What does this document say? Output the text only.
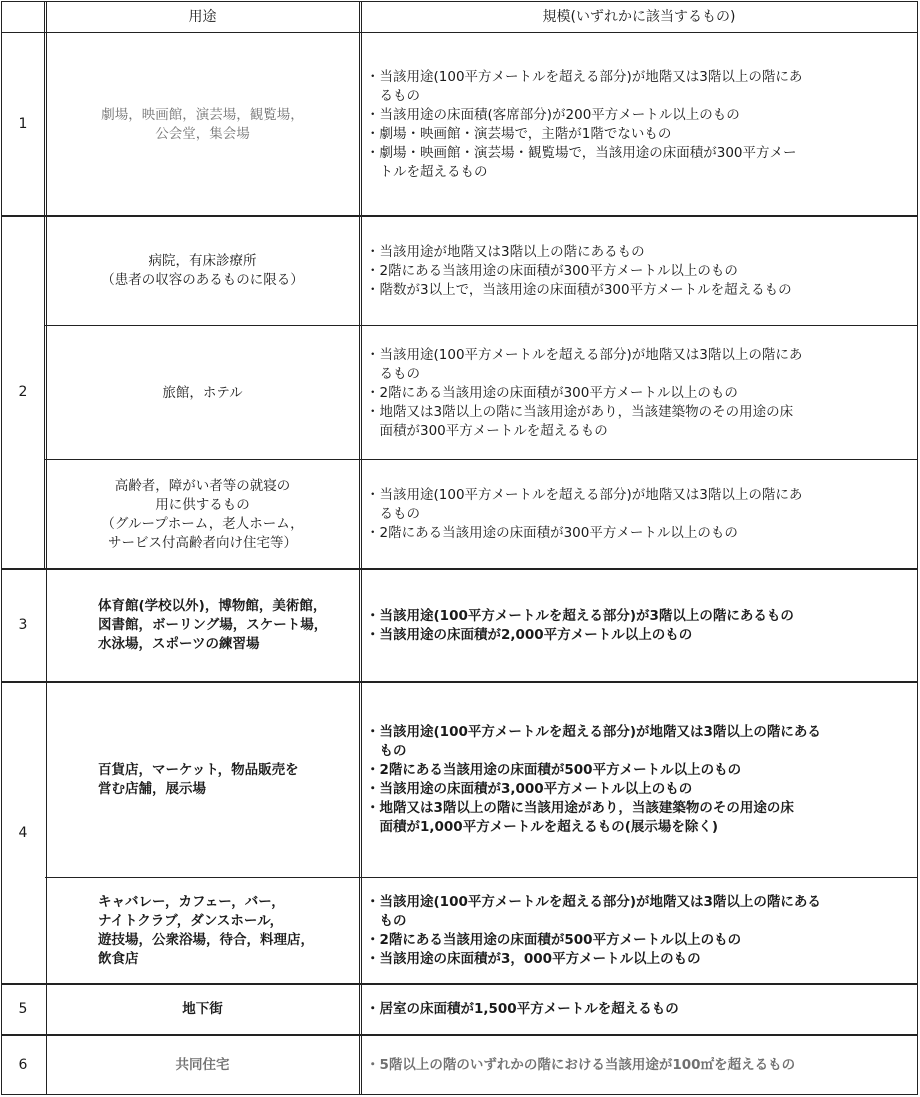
用途	規模(いずれかに該当するもの)
1
2
3
4
5
6
劇場，映画館，演芸場，観覧場，
公会堂，集会場
病院，有床診療所
（患者の収容のあるものに限る）
旅館，ホテル
高齢者，障がい者等の就寝の
用に供するもの
（グループホーム，老人ホーム，
サービス付高齢者向け住宅等）
体育館(学校以外)，博物館，美術館，
図書館，ボーリング場，スケート場，
水泳場，スポーツの練習場
百貨店，マーケット，物品販売を
営む店舗，展示場
キャバレー，カフェー，バー，
ナイトクラブ，ダンスホール，
遊技場，公衆浴場，待合，料理店，
飲食店
地下街
共同住宅
・当該用途(100平方メートルを超える部分)が地階又は3階以上の階にあ
　るもの
・当該用途の床面積(客席部分)が200平方メートル以上のもの
・劇場・映画館・演芸場で，主階が1階でないもの
・劇場・映画館・演芸場・観覧場で，当該用途の床面積が300平方メー
　トルを超えるもの
・当該用途が地階又は3階以上の階にあるもの
・2階にある当該用途の床面積が300平方メートル以上のもの
・階数が3以上で，当該用途の床面積が300平方メートルを超えるもの
・当該用途(100平方メートルを超える部分)が地階又は3階以上の階にあ
　るもの
・2階にある当該用途の床面積が300平方メートル以上のもの
・地階又は3階以上の階に当該用途があり，当該建築物のその用途の床
　面積が300平方メートルを超えるもの
・当該用途(100平方メートルを超える部分)が地階又は3階以上の階にあ
　るもの
・2階にある当該用途の床面積が300平方メートル以上のもの
・当該用途(100平方メートルを超える部分)が3階以上の階にあるもの
・当該用途の床面積が2,000平方メートル以上のもの
・当該用途(100平方メートルを超える部分)が地階又は3階以上の階にある
　もの
・2階にある当該用途の床面積が500平方メートル以上のもの
・当該用途の床面積が3,000平方メートル以上のもの
・地階又は3階以上の階に当該用途があり，当該建築物のその用途の床
　面積が1,000平方メートルを超えるもの(展示場を除く)
・当該用途(100平方メートルを超える部分)が地階又は3階以上の階にある
　もの
・2階にある当該用途の床面積が500平方メートル以上のもの
・当該用途の床面積が3，000平方メートル以上のもの
・居室の床面積が1,500平方メートルを超えるもの
・5階以上の階のいずれかの階における当該用途が100㎡を超えるもの
